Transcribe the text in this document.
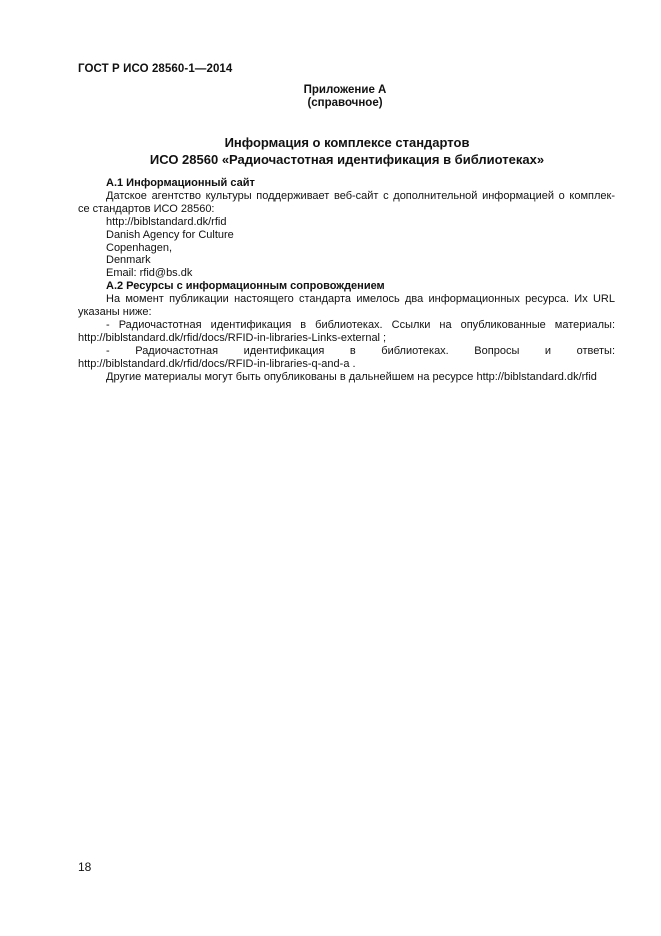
ГОСТ Р ИСО 28560-1—2014
Приложение А
(справочное)
Информация о комплексе стандартов
ИСО 28560 «Радиочастотная идентификация в библиотеках»

А.1 Информационный сайт

Датское агентство культуры поддерживает веб-сайт с дополнительной информацией о комплек-

се стандартов ИСО 28560:

http://biblstandard.dk/rfid

Danish Agency for Culture

Copenhagen,

Denmark

Email: rfid@bs.dk

А.2 Ресурсы с информационным сопровождением

На момент публикации настоящего стандарта имелось два информационных ресурса. Их URL

указаны ниже:

- Радиочастотная идентификация в библиотеках. Ссылки на опубликованные материалы:

http://biblstandard.dk/rfid/docs/RFID-in-libraries-Links-external ;

- Радиочастотная идентификация в библиотеках. Вопросы и ответы:

http://biblstandard.dk/rfid/docs/RFID-in-libraries-q-and-a .

Другие материалы могут быть опубликованы в дальнейшем на ресурсе http://biblstandard.dk/rfid

18
